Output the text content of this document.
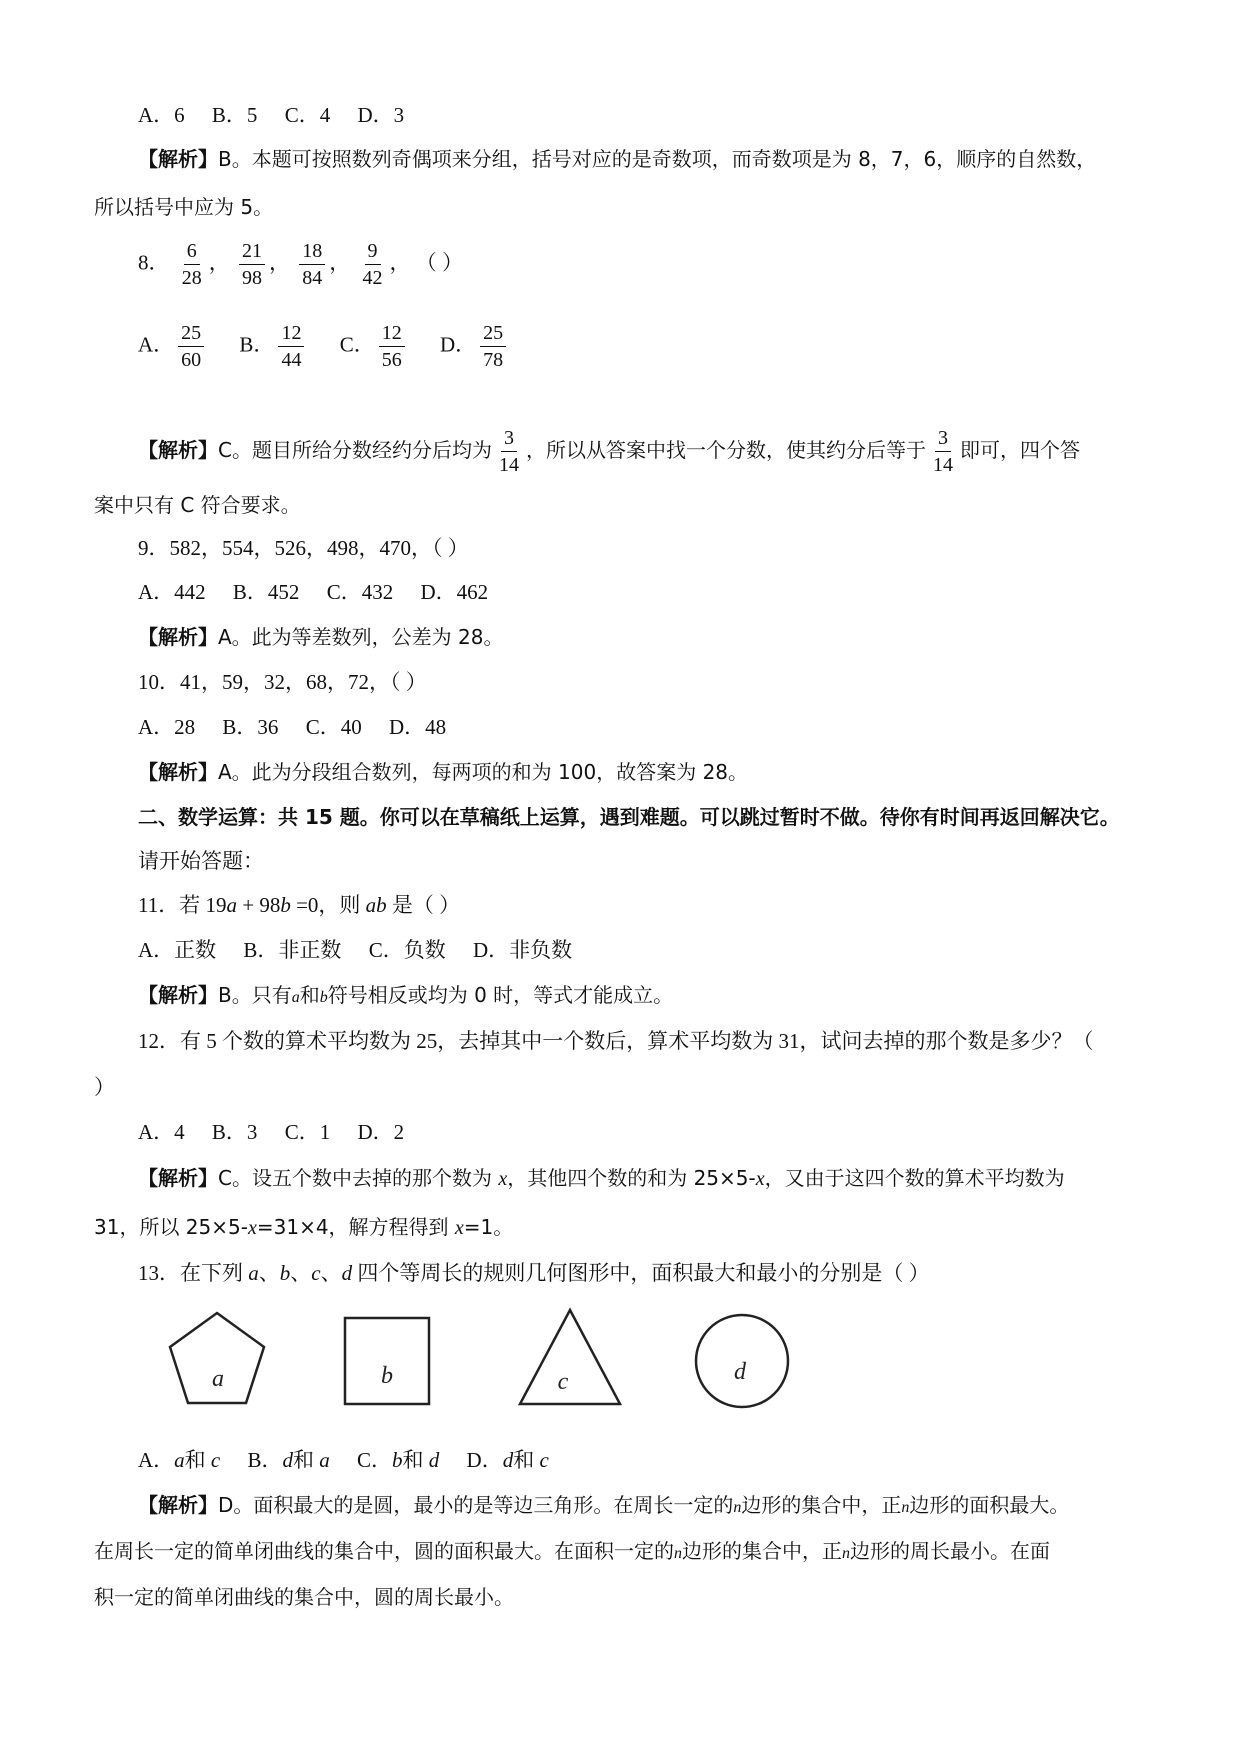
A．6 B．5 C．4 D．3
【解析】B。本题可按照数列奇偶项来分组，括号对应的是奇数项，而奇数项是为 8，7，6，顺序的自然数，
所以括号中应为 5。
8． $\frac{6}{28}$ ， $\frac{21}{98}$ ， $\frac{18}{84}$ ， $\frac{9}{42}$ ， （ ）
A． $\frac{25}{60}$ B． $\frac{12}{44}$ C． $\frac{12}{56}$ D． $\frac{25}{78}$
【解析】C。题目所给分数经约分后均为 $\frac{3}{14}$ ，所以从答案中找一个分数，使其约分后等于 $\frac{3}{14}$ 即可，四个答
案中只有 C 符合要求。
9．582，554，526，498，470，（ ）
A．442 B．452 C．432 D．462
【解析】A。此为等差数列，公差为 28。
10．41，59，32，68，72，（ ）
A．28 B．36 C．40 D．48
【解析】A。此为分段组合数列，每两项的和为 100，故答案为 28。
二、数学运算：共 15 题。你可以在草稿纸上运算，遇到难题。可以跳过暂时不做。待你有时间再返回解决它。
请开始答题：
11．若 19a + 98b =0，则 ab 是（ ）
A．正数 B．非正数 C．负数 D．非负数
【解析】B。只有a和b符号相反或均为 0 时，等式才能成立。
12．有 5 个数的算术平均数为 25，去掉其中一个数后，算术平均数为 31，试问去掉的那个数是多少？（
）
A．4 B．3 C．1 D．2
【解析】C。设五个数中去掉的那个数为 x，其他四个数的和为 25×5-x，又由于这四个数的算术平均数为
31，所以 25×5-x=31×4，解方程得到 x=1。
13．在下列 a、b、c、d 四个等周长的规则几何图形中，面积最大和最小的分别是（ ）
a	b	c	d
A．a和 c B．d和 a C．b和 d D．d和 c
【解析】D。面积最大的是圆，最小的是等边三角形。在周长一定的n边形的集合中，正n边形的面积最大。
在周长一定的简单闭曲线的集合中，圆的面积最大。在面积一定的n边形的集合中，正n边形的周长最小。在面
积一定的简单闭曲线的集合中，圆的周长最小。
